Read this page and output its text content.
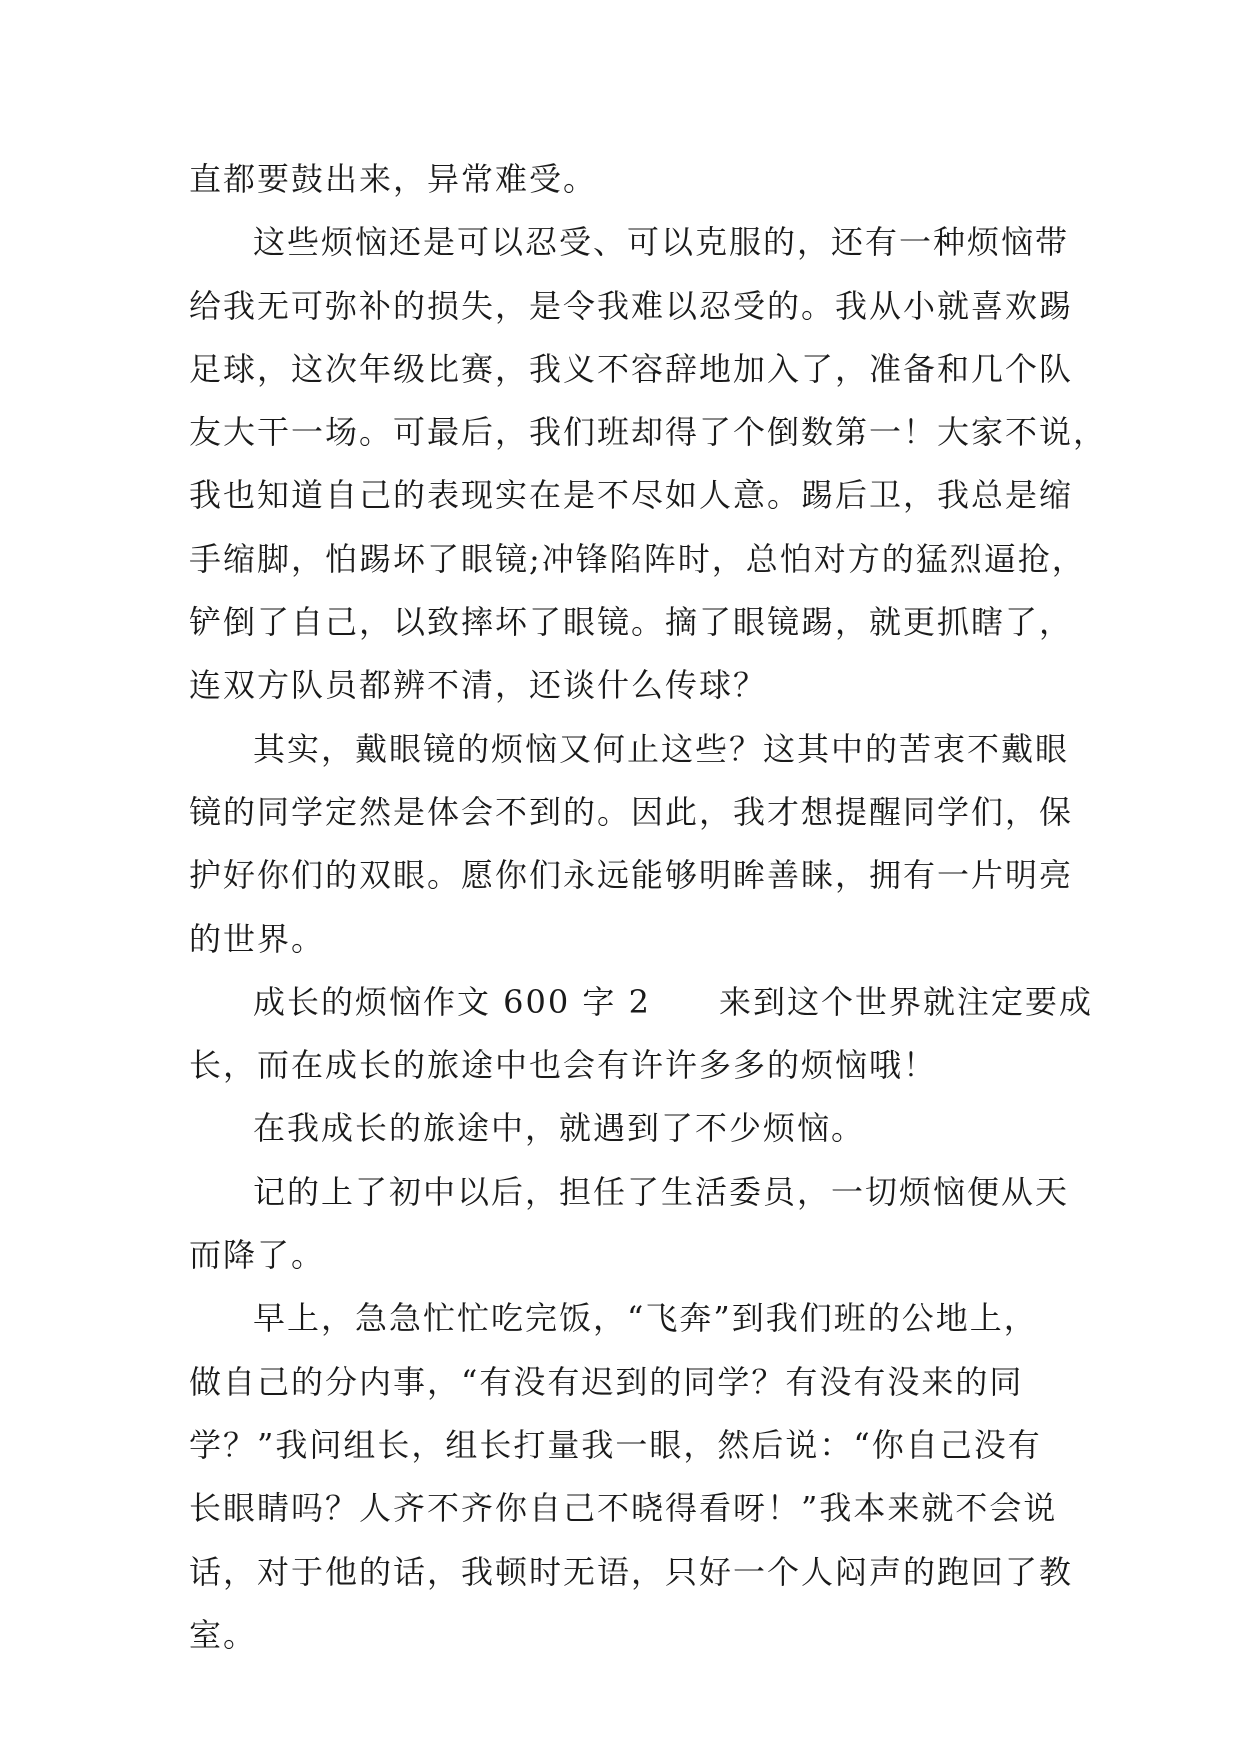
直都要鼓出来，异常难受。
这些烦恼还是可以忍受、可以克服的，还有一种烦恼带
给我无可弥补的损失，是令我难以忍受的。我从小就喜欢踢
足球，这次年级比赛，我义不容辞地加入了，准备和几个队
友大干一场。可最后，我们班却得了个倒数第一！大家不说，
我也知道自己的表现实在是不尽如人意。踢后卫，我总是缩
手缩脚，怕踢坏了眼镜;冲锋陷阵时，总怕对方的猛烈逼抢，
铲倒了自己，以致摔坏了眼镜。摘了眼镜踢，就更抓瞎了，
连双方队员都辨不清，还谈什么传球？
其实，戴眼镜的烦恼又何止这些？这其中的苦衷不戴眼
镜的同学定然是体会不到的。因此，我才想提醒同学们，保
护好你们的双眼。愿你们永远能够明眸善睐，拥有一片明亮
的世界。
成长的烦恼作文 600 字 2　　来到这个世界就注定要成
长，而在成长的旅途中也会有许许多多的烦恼哦！
在我成长的旅途中，就遇到了不少烦恼。
记的上了初中以后，担任了生活委员，一切烦恼便从天
而降了。
早上，急急忙忙吃完饭，“飞奔”到我们班的公地上，
做自己的分内事，“有没有迟到的同学？有没有没来的同
学？”我问组长，组长打量我一眼，然后说：“你自己没有
长眼睛吗？人齐不齐你自己不晓得看呀！”我本来就不会说
话，对于他的话，我顿时无语，只好一个人闷声的跑回了教
室。
